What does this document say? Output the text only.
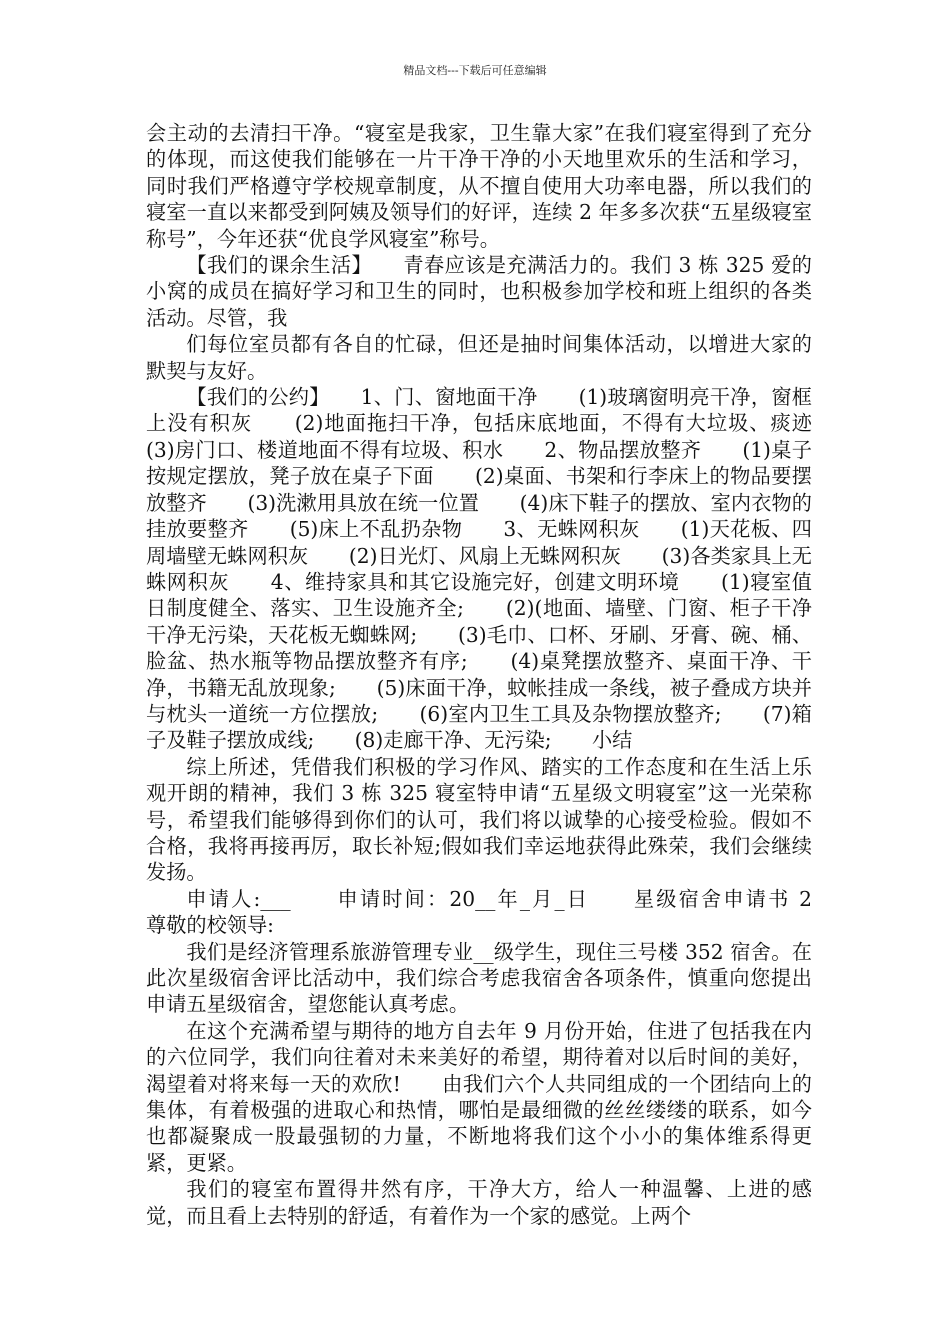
精品文档---下载后可任意编辑

会主动的去清扫干净。“寝室是我家，卫生靠大家”在我们寝室得到了充分的体现，而这使我们能够在一片干净干净的小天地里欢乐的生活和学习，同时我们严格遵守学校规章制度，从不擅自使用大功率电器，所以我们的寝室一直以来都受到阿姨及领导们的好评，连续 2 年多多次获“五星级寝室称号”，今年还获“优良学风寝室”称号。

【我们的课余生活】　　青春应该是充满活力的。我们 3 栋 325 爱的小窝的成员在搞好学习和卫生的同时，也积极参加学校和班上组织的各类活动。尽管，我

们每位室员都有各自的忙碌，但还是抽时间集体活动，以增进大家的默契与友好。

【我们的公约】　　1、门、窗地面干净　　(1)玻璃窗明亮干净，窗框上没有积灰　　(2)地面拖扫干净，包括床底地面，不得有大垃圾、痰迹　　(3)房门口、楼道地面不得有垃圾、积水　　2、物品摆放整齐　　(1)桌子按规定摆放，凳子放在桌子下面　　(2)桌面、书架和行李床上的物品要摆放整齐　　(3)洗漱用具放在统一位置　　(4)床下鞋子的摆放、室内衣物的挂放要整齐　　(5)床上不乱扔杂物　　3、无蛛网积灰　　(1)天花板、四周墙壁无蛛网积灰　　(2)日光灯、风扇上无蛛网积灰　　(3)各类家具上无蛛网积灰　　4、维持家具和其它设施完好，创建文明环境　　(1)寝室值日制度健全、落实、卫生设施齐全;　　(2)(地面、墙壁、门窗、柜子干净干净无污染，天花板无蜘蛛网;　　(3)毛巾、口杯、牙刷、牙膏、碗、桶、脸盆、热水瓶等物品摆放整齐有序;　　(4)桌凳摆放整齐、桌面干净、干净，书籍无乱放现象;　　(5)床面干净，蚊帐挂成一条线，被子叠成方块并与枕头一道统一方位摆放;　　(6)室内卫生工具及杂物摆放整齐;　　(7)箱子及鞋子摆放成线;　　(8)走廊干净、无污染;　　小结

综上所述，凭借我们积极的学习作风、踏实的工作态度和在生活上乐观开朗的精神，我们 3 栋 325 寝室特申请“五星级文明寝室”这一光荣称号，希望我们能够得到你们的认可，我们将以诚挚的心接受检验。假如不合格，我将再接再厉，取长补短;假如我们幸运地获得此殊荣，我们会继续发扬。

申请人:___　　申请时间：20__年_月_日　　星级宿舍申请书 2　　尊敬的校领导:

我们是经济管理系旅游管理专业__级学生，现住三号楼 352 宿舍。在此次星级宿舍评比活动中，我们综合考虑我宿舍各项条件，慎重向您提出申请五星级宿舍，望您能认真考虑。

在这个充满希望与期待的地方自去年 9 月份开始，住进了包括我在内的六位同学，我们向往着对未来美好的希望，期待着对以后时间的美好，渴望着对将来每一天的欢欣!　　由我们六个人共同组成的一个团结向上的集体，有着极强的进取心和热情，哪怕是最细微的丝丝缕缕的联系，如今也都凝聚成一股最强韧的力量，不断地将我们这个小小的集体维系得更紧，更紧。

我们的寝室布置得井然有序，干净大方，给人一种温馨、上进的感觉，而且看上去特别的舒适，有着作为一个家的感觉。上两个
